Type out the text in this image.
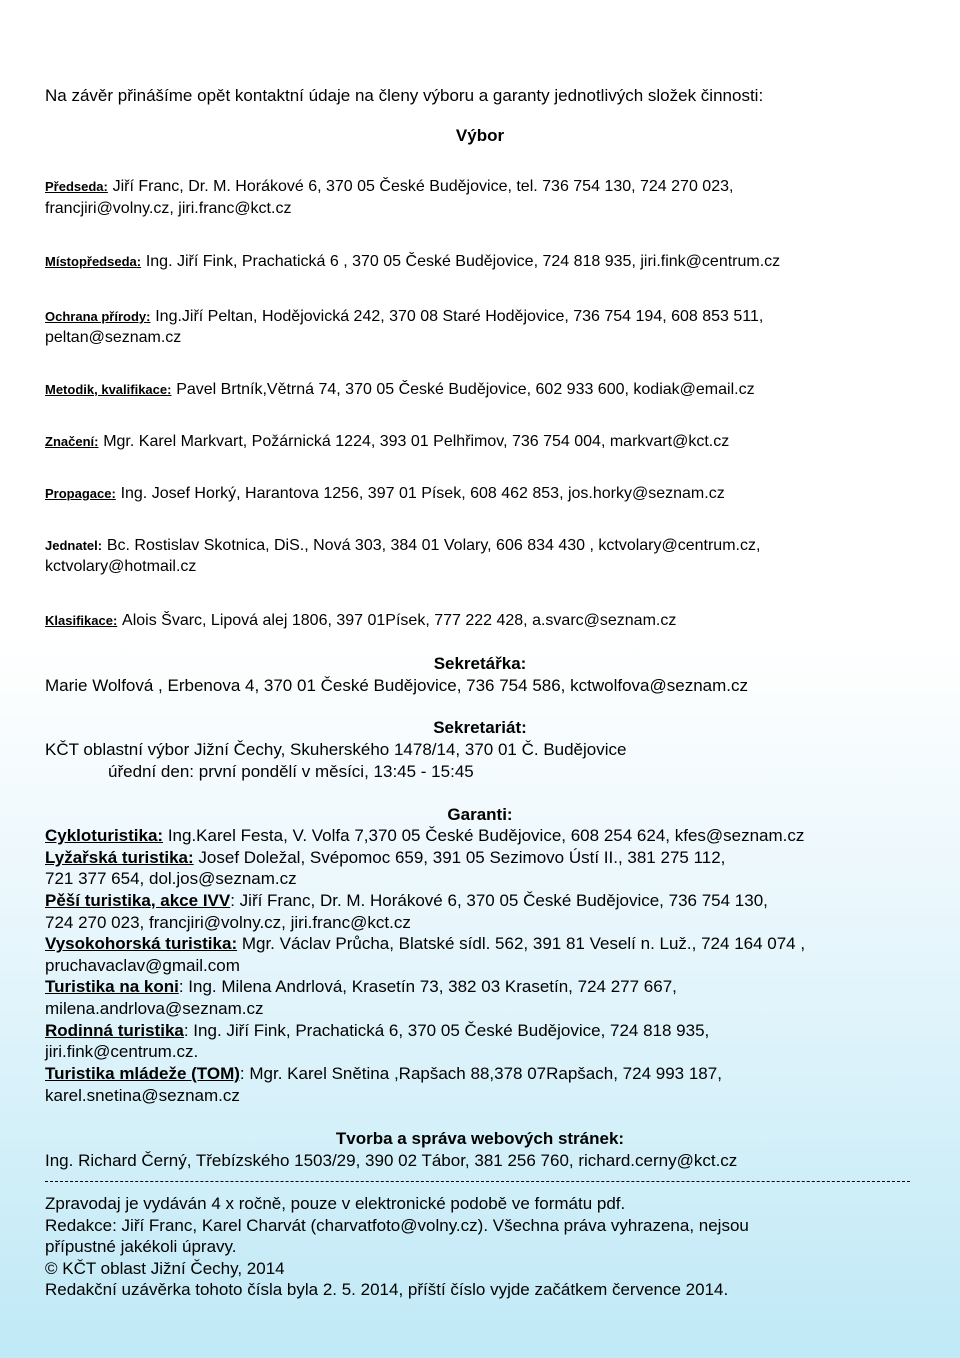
Na závěr přinášíme opět kontaktní údaje na členy výboru a garanty jednotlivých složek činnosti:
Výbor
Předseda: Jiří Franc, Dr. M. Horákové 6, 370 05 České Budějovice, tel. 736 754 130, 724 270 023,
francjiri@volny.cz, jiri.franc@kct.cz
Místopředseda: Ing. Jiří Fink, Prachatická 6 , 370 05 České Budějovice, 724 818 935, jiri.fink@centrum.cz
Ochrana přírody: Ing.Jiří Peltan, Hodějovická 242, 370 08 Staré Hodějovice, 736 754 194, 608 853 511,
peltan@seznam.cz
Metodik, kvalifikace: Pavel Brtník,Větrná 74, 370 05 České Budějovice, 602 933 600, kodiak@email.cz
Značení: Mgr. Karel Markvart, Požárnická 1224, 393 01 Pelhřimov, 736 754 004, markvart@kct.cz
Propagace: Ing. Josef Horký, Harantova 1256, 397 01 Písek, 608 462 853, jos.horky@seznam.cz
Jednatel: Bc. Rostislav Skotnica, DiS., Nová 303, 384 01 Volary, 606 834 430 , kctvolary@centrum.cz,
kctvolary@hotmail.cz
Klasifikace: Alois Švarc, Lipová alej 1806, 397 01Písek, 777 222 428, a.svarc@seznam.cz
Sekretářka:
Marie Wolfová , Erbenova 4, 370 01 České Budějovice, 736 754 586, kctwolfova@seznam.cz
Sekretariát:
KČT oblastní výbor Jižní Čechy, Skuherského 1478/14, 370 01 Č. Budějovice
úřední den: první pondělí v měsíci, 13:45 - 15:45
Garanti:
Cykloturistika: Ing.Karel Festa, V. Volfa 7,370 05 České Budějovice, 608 254 624, kfes@seznam.cz
Lyžařská turistika: Josef Doležal, Svépomoc 659, 391 05 Sezimovo Ústí II., 381 275 112,
721 377 654, dol.jos@seznam.cz
Pěší turistika, akce IVV: Jiří Franc, Dr. M. Horákové 6, 370 05 České Budějovice, 736 754 130,
724 270 023, francjiri@volny.cz, jiri.franc@kct.cz
Vysokohorská turistika: Mgr. Václav Průcha, Blatské sídl. 562, 391 81 Veselí n. Luž., 724 164 074 ,
pruchavaclav@gmail.com
Turistika na koni: Ing. Milena Andrlová, Krasetín 73, 382 03 Krasetín, 724 277 667,
milena.andrlova@seznam.cz
Rodinná turistika: Ing. Jiří Fink, Prachatická 6, 370 05 České Budějovice, 724 818 935,
jiri.fink@centrum.cz.
Turistika mládeže (TOM): Mgr. Karel Snětina ,Rapšach 88,378 07Rapšach, 724 993 187,
karel.snetina@seznam.cz
Tvorba a správa webových stránek:
Ing. Richard Černý, Třebízského 1503/29, 390 02 Tábor, 381 256 760, richard.cerny@kct.cz
Zpravodaj je vydáván 4 x ročně, pouze v elektronické podobě ve formátu pdf.
Redakce: Jiří Franc, Karel Charvát (charvatfoto@volny.cz). Všechna práva vyhrazena, nejsou
přípustné jakékoli úpravy.
© KČT oblast Jižní Čechy, 2014
Redakční uzávěrka tohoto čísla byla 2. 5. 2014, příští číslo vyjde začátkem července 2014.
